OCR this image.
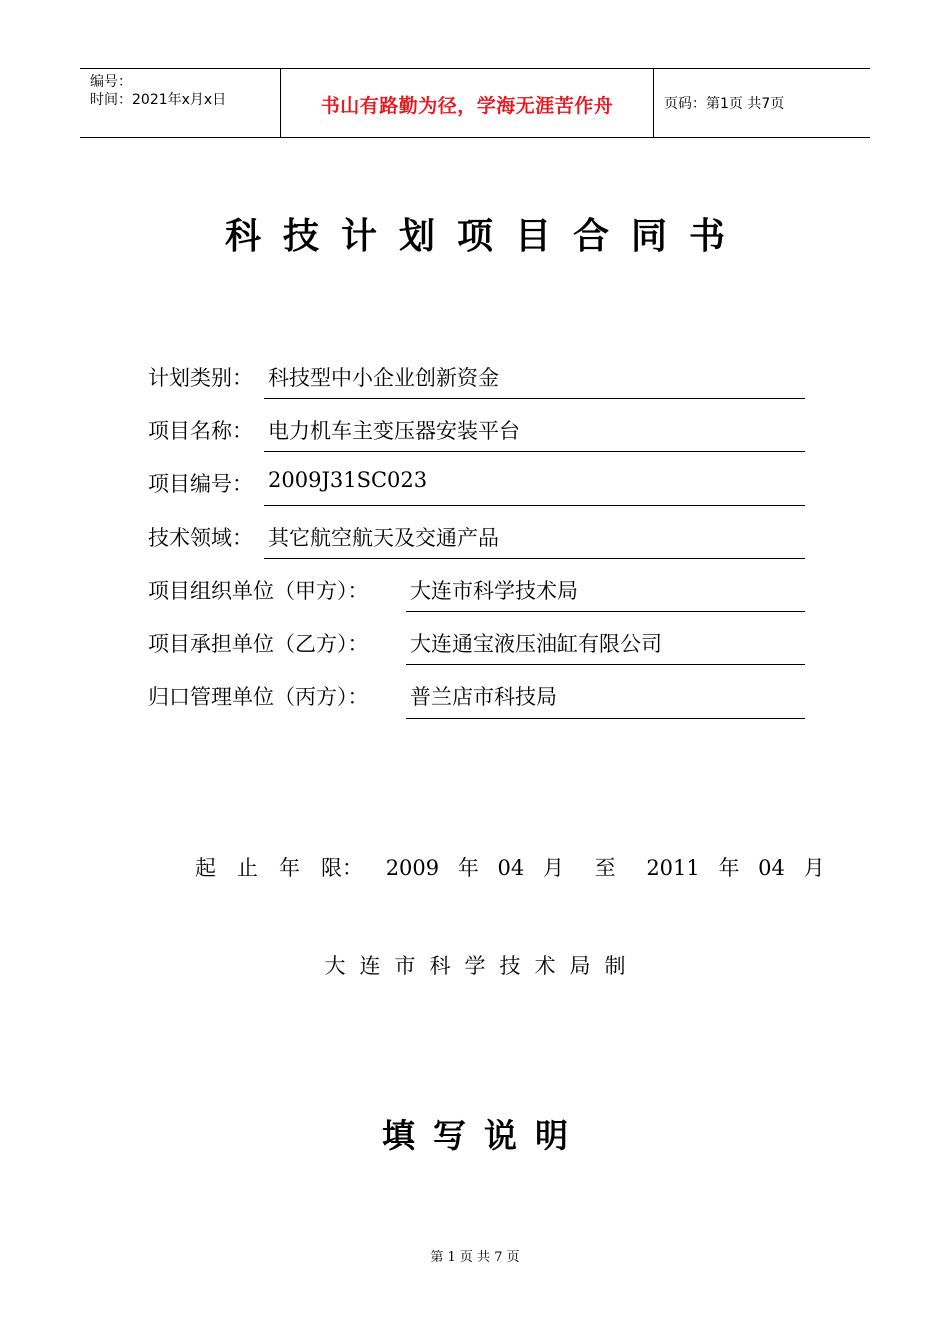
编号：
时间：2021年x月x日	书山有路勤为径，学海无涯苦作舟	页码：第1页 共7页
科技计划项目合同书
计划类别： 科技型中小企业创新资金
项目名称： 电力机车主变压器安装平台
项目编号： 2009J31SC023
技术领域： 其它航空航天及交通产品
项目组织单位（甲方）： 大连市科学技术局
项目承担单位（乙方）： 大连通宝液压油缸有限公司
归口管理单位（丙方）： 普兰店市科技局
起　止　年　限： 2009 年 04 月 至 2011 年 04 月
大连市科学技术局制
填写说明
第 1 页 共 7 页
